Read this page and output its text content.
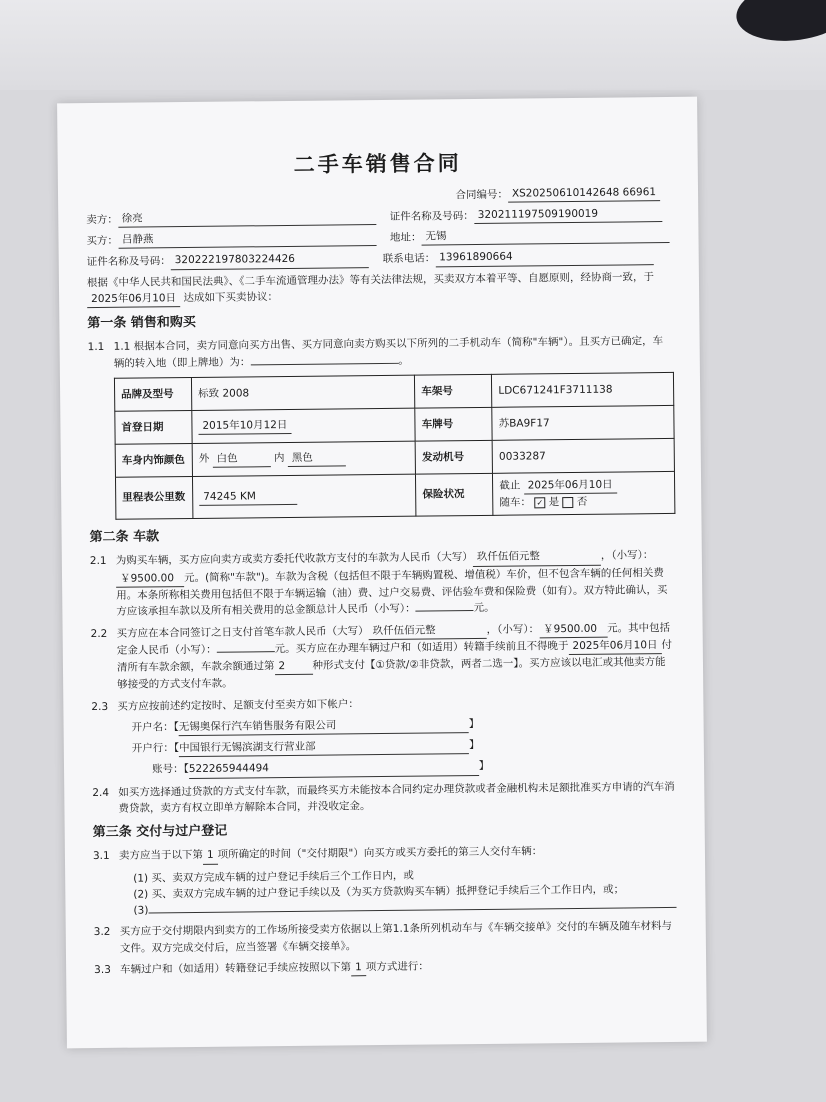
二手车销售合同
合同编号： XS20250610142648 66961
卖方： 徐亮	证件名称及号码： 320211197509190019
买方： 吕静燕	地址： 无锡
证件名称及号码： 320222197803224426	联系电话： 13961890664
根据《中华人民共和国民法典》、《二手车流通管理办法》等有关法律法规，买卖双方本着平等、自愿原则，经协商一致，于 2025年06月10日 达成如下买卖协议：
第一条 销售和购买
1.1 1.1 根据本合同，卖方同意向买方出售、买方同意向卖方购买以下所列的二手机动车（简称"车辆"）。且买方已确定，车辆的转入地（即上牌地）为：	。
品牌及型号	标致 2008	车架号	LDC671241F3711138
首登日期	2015年10月12日	车牌号	苏BA9F17
车身内饰颜色	外 白色 内 黑色	发动机号	0033287
里程表公里数	74245 KM	保险状况	截止 2025年06月10日
随车： ✓ 是 否
第二条 车款
2.1 为购买车辆，买方应向卖方或卖方委托代收款方支付的车款为人民币（大写） 玖仟伍佰元整	，（小写）：￥9500.00 元。(简称"车款")。车款为含税（包括但不限于车辆购置税、增值税）车价，但不包含车辆的任何相关费用。本条所称相关费用包括但不限于车辆运输（油）费、过户交易费、评估验车费和保险费（如有）。双方特此确认，买方应该承担车款以及所有相关费用的总金额总计人民币（小写）：	元。
2.2 买方应在本合同签订之日支付首笔车款人民币（大写） 玖仟伍佰元整	，（小写）： ￥9500.00 元。其中包括定金人民币（小写）：	元。买方应在办理车辆过户和（如适用）转籍手续前且不得晚于 2025年06月10日 付清所有车款余额，车款余额通过第 2	种形式支付【①贷款/②非贷款，两者二选一】。买方应该以电汇或其他卖方能够接受的方式支付车款。
2.3 买方应按前述约定按时、足额支付至卖方如下帐户：
开户名：【无锡奥保行汽车销售服务有限公司	】
开户行：【中国银行无锡滨湖支行营业部	】
账号：【522265944494	】
2.4 如买方选择通过贷款的方式支付车款，而最终买方未能按本合同约定办理贷款或者金融机构未足额批准买方申请的汽车消费贷款，卖方有权立即单方解除本合同，并没收定金。
第三条 交付与过户登记
3.1 卖方应当于以下第 1 项所确定的时间（"交付期限"）向买方或买方委托的第三人交付车辆：
(1) 买、卖双方完成车辆的过户登记手续后三个工作日内，或
(2) 买、卖双方完成车辆的过户登记手续以及（为买方贷款购买车辆）抵押登记手续后三个工作日内，或；
(3)
3.2 买方应于交付期限内到卖方的工作场所接受卖方依据以上第1.1条所列机动车与《车辆交接单》交付的车辆及随车材料与文件。双方完成交付后，应当签署《车辆交接单》。
3.3 车辆过户和（如适用）转籍登记手续应按照以下第 1 项方式进行：
